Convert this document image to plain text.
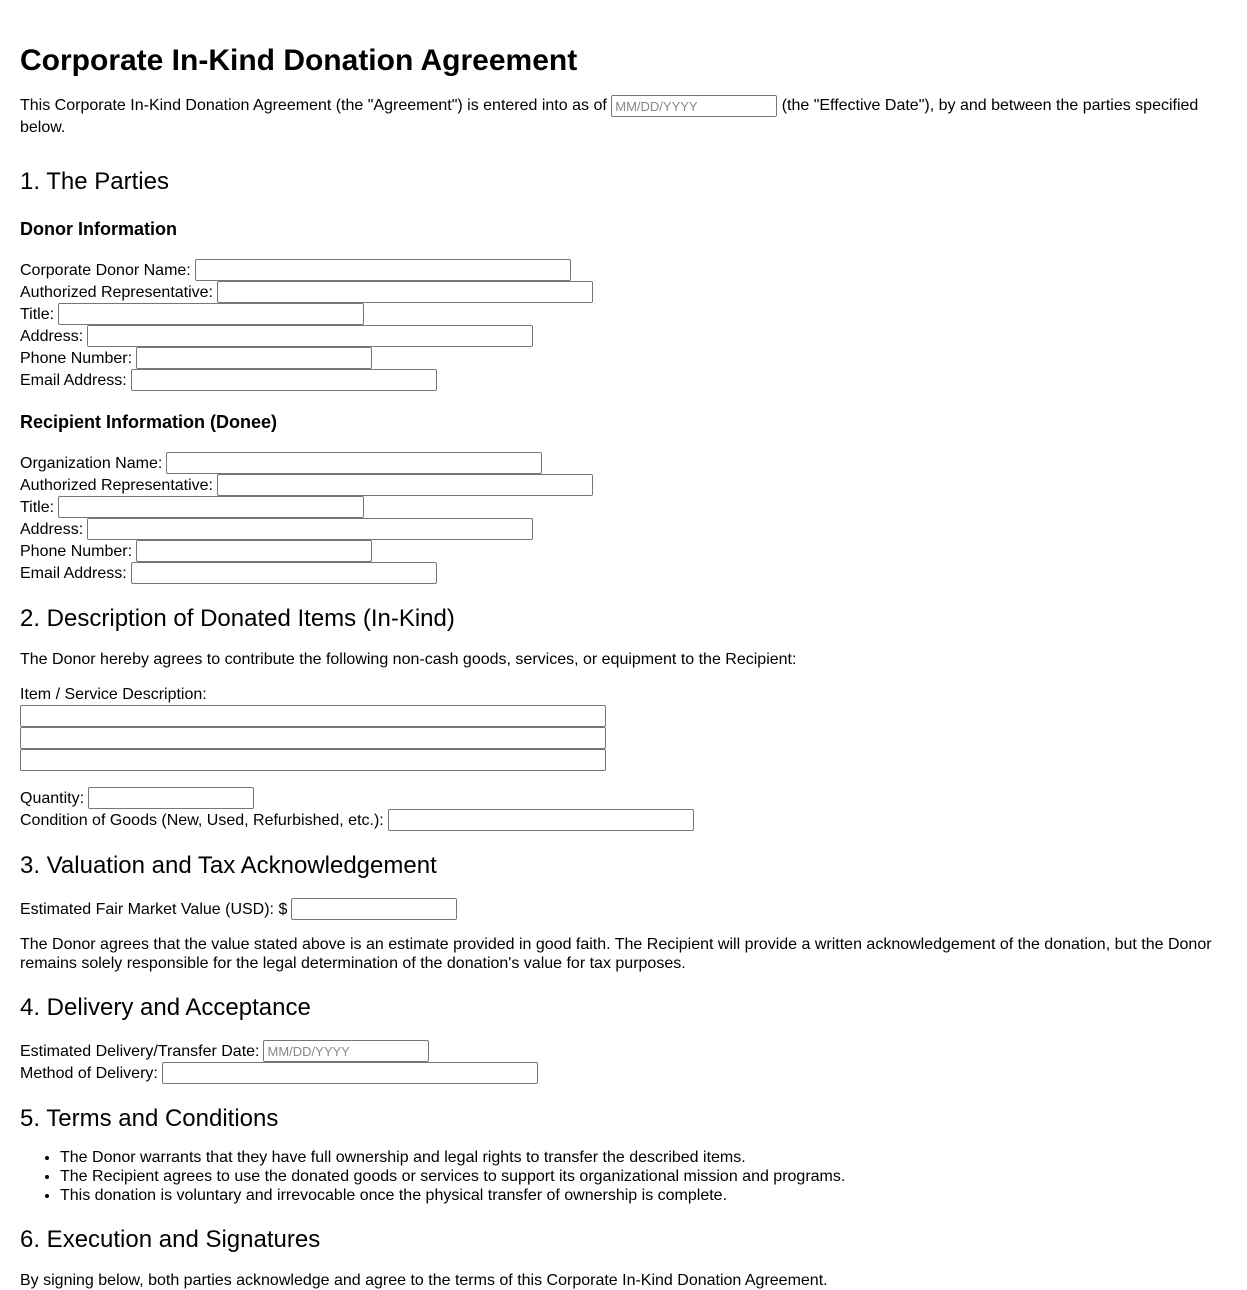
Corporate In-Kind Donation Agreement

This Corporate In-Kind Donation Agreement (the "Agreement") is entered into as of MM/DD/YYYY	(the "Effective Date"), by and between the parties specified below.

1. The Parties
Donor Information
Corporate Donor Name:
Authorized Representative:
Title:
Address:
Phone Number:
Email Address:
Recipient Information (Donee)
Organization Name:
Authorized Representative:
Title:
Address:
Phone Number:
Email Address:
2. Description of Donated Items (In-Kind)

The Donor hereby agrees to contribute the following non-cash goods, services, or equipment to the Recipient:

Item / Service Description:

Quantity:
Condition of Goods (New, Used, Refurbished, etc.):
3. Valuation and Tax Acknowledgement
Estimated Fair Market Value (USD): $

The Donor agrees that the value stated above is an estimate provided in good faith. The Recipient will provide a written acknowledgement of the donation, but the Donor remains solely responsible for the legal determination of the donation's value for tax purposes.

4. Delivery and Acceptance
Estimated Delivery/Transfer Date:
MM/DD/YYYY
Method of Delivery:
5. Terms and Conditions
• The Donor warrants that they have full ownership and legal rights to transfer the described items.
• The Recipient agrees to use the donated goods or services to support its organizational mission and programs.
• This donation is voluntary and irrevocable once the physical transfer of ownership is complete.
6. Execution and Signatures

By signing below, both parties acknowledge and agree to the terms of this Corporate In-Kind Donation Agreement.
